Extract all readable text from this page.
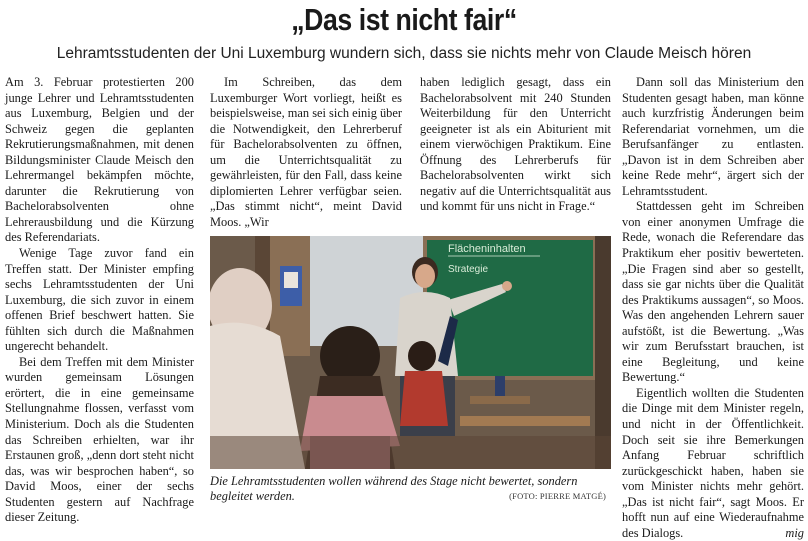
„Das ist nicht fair“
Lehramtsstudenten der Uni Luxemburg wundern sich, dass sie nichts mehr von Claude Meisch hören

Am 3. Februar protestierten 200 junge Lehrer und Lehramtsstudenten aus Luxemburg, Belgien und der Schweiz gegen die geplanten Rekrutierungsmaßnahmen, mit denen Bildungsminister Claude Meisch den Lehrermangel bekämpfen möchte, darunter die Rekrutierung von Bachelorabsolventen ohne Lehrerausbildung und die Kürzung des Referendariats.

Wenige Tage zuvor fand ein Treffen statt. Der Minister empfing sechs Lehramtsstudenten der Uni Luxemburg, die sich zuvor in einem offenen Brief beschwert hatten. Sie fühlten sich durch die Maßnahmen ungerecht behandelt.

Bei dem Treffen mit dem Minister wurden gemeinsam Lösungen erörtert, die in eine gemeinsame Stellungnahme flossen, verfasst vom Ministerium. Doch als die Studenten das Schreiben erhielten, war ihr Erstaunen groß, „denn dort steht nicht das, was wir besprochen haben“, so David Moos, einer der sechs Studenten gestern auf Nachfrage dieser Zeitung.

Im Schreiben, das dem Luxemburger Wort vorliegt, heißt es beispielsweise, man sei sich einig über die Notwendigkeit, den Lehrerberuf für Bachelorabsolventen zu öffnen, um die Unterrichtsqualität zu gewährleisten, für den Fall, dass keine diplomierten Lehrer verfügbar seien. „Das stimmt nicht“, meint David Moos. „Wir

haben lediglich gesagt, dass ein Bachelorabsolvent mit 240 Stunden Weiterbildung für den Unterricht geeigneter ist als ein Abiturient mit einem vierwöchigen Praktikum. Eine Öffnung des Lehrerberufs für Bachelorabsolventen wirkt sich negativ auf die Unterrichtsqualität aus und kommt für uns nicht in Frage.“

Dann soll das Ministerium den Studenten gesagt haben, man könne auch kurzfristig Änderungen beim Referendariat vornehmen, um die Berufsanfänger zu entlasten. „Davon ist in dem Schreiben aber keine Rede mehr“, ärgert sich der Lehramtsstudent.

Stattdessen geht im Schreiben von einer anonymen Umfrage die Rede, wonach die Referendare das Praktikum eher positiv bewerteten. „Die Fragen sind aber so gestellt, dass sie gar nichts über die Qualität des Praktikums aussagen“, so Moos. Was den angehenden Lehrern sauer aufstößt, ist die Bewertung. „Was wir zum Berufsstart brauchen, ist eine Begleitung, und keine Bewertung.“

Eigentlich wollten die Studenten die Dinge mit dem Minister regeln, und nicht in der Öffentlichkeit. Doch seit sie ihre Bemerkungen Anfang Februar schriftlich zurückgeschickt haben, haben sie vom Minister nichts mehr gehört. „Das ist nicht fair“, sagt Moos. Er hofft nun auf eine Wiederaufnahme des Dialogs.	mig

Flächeninhalten
Strategie
Die Lehramtsstudenten wollen während des Stage nicht bewertet, sondern begleitet werden.	(FOTO: PIERRE MATGÉ)
